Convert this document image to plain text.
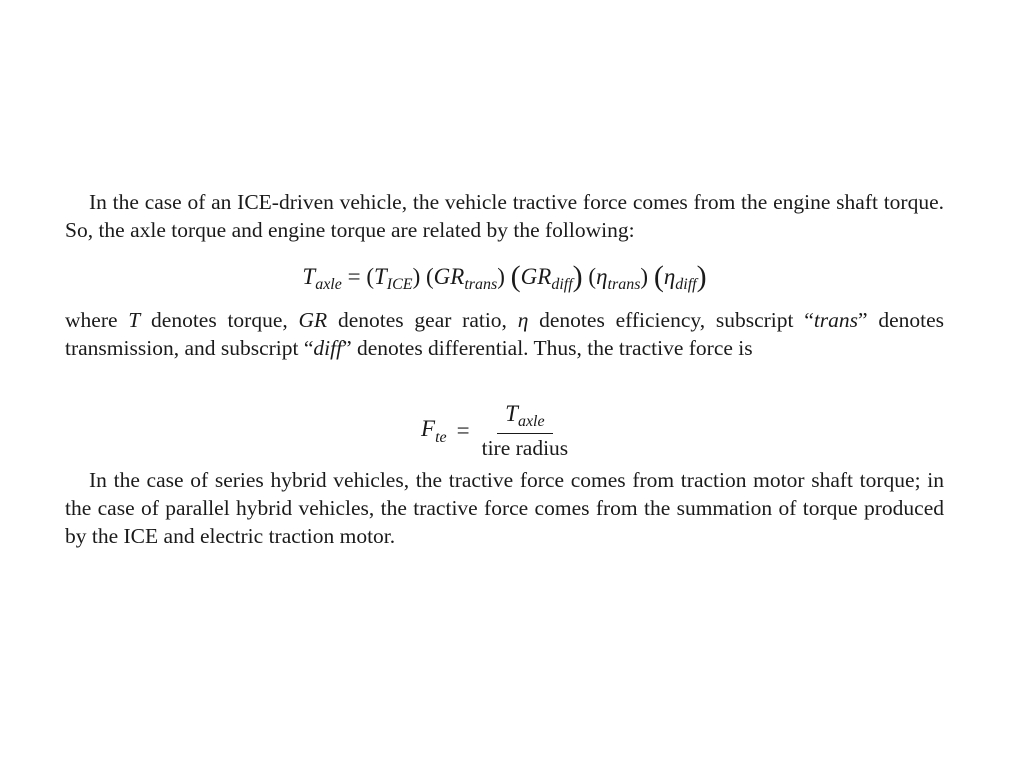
In the case of an ICE-driven vehicle, the vehicle tractive force comes from the engine shaft torque. So, the axle torque and engine torque are related by the following:

$T_{axle} = (T_{ICE})$ $(GR_{trans})$ $(GR_{diff})$ $(\eta_{trans})$ $(\eta_{diff})$

where T denotes torque, GR denotes gear ratio, η denotes efficiency, subscript “trans” denotes transmission, and subscript “diff” denotes differential. Thus, the tractive force is

$F_{te} = \frac{T_{axle}}{\text{tire radius}}$

In the case of series hybrid vehicles, the tractive force comes from traction motor shaft torque; in the case of parallel hybrid vehicles, the tractive force comes from the summation of torque produced by the ICE and electric traction motor.
